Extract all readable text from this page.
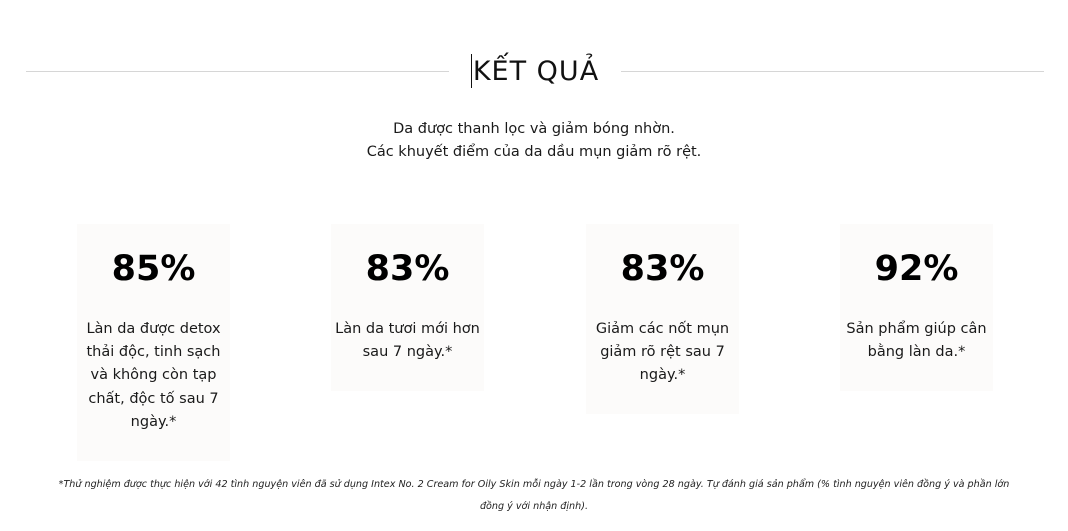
KẾT QUẢ
Da được thanh lọc và giảm bóng nhờn.
Các khuyết điểm của da dầu mụn giảm rõ rệt.
85%
Làn da được detox
thải độc, tinh sạch
và không còn tạp
chất, độc tố sau 7
ngày.*
83%
Làn da tươi mới hơn
sau 7 ngày.*
83%
Giảm các nốt mụn
giảm rõ rệt sau 7
ngày.*
92%
Sản phẩm giúp cân
bằng làn da.*
*Thử nghiệm được thực hiện với 42 tình nguyện viên đã sử dụng Intex No. 2 Cream for Oily Skin mỗi ngày 1-2 lần trong vòng 28 ngày. Tự đánh giá sản phẩm (% tình nguyện viên đồng ý và phần lớn
đồng ý với nhận định).
